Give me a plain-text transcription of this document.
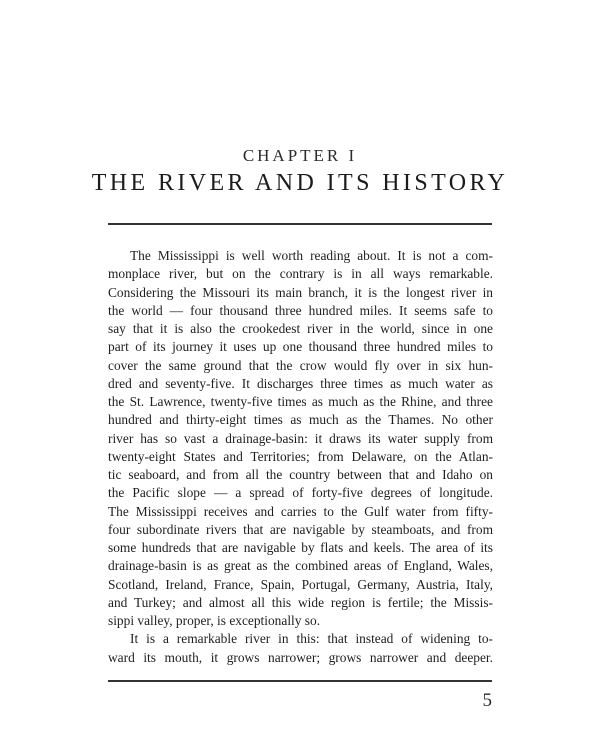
CHAPTER I
THE RIVER AND ITS HISTORY
The Mississippi is well worth reading about. It is not a com-
monplace river, but on the contrary is in all ways remarkable.
Considering the Missouri its main branch, it is the longest river in
the world — four thousand three hundred miles. It seems safe to
say that it is also the crookedest river in the world, since in one
part of its journey it uses up one thousand three hundred miles to
cover the same ground that the crow would fly over in six hun-
dred and seventy-five. It discharges three times as much water as
the St. Lawrence, twenty-five times as much as the Rhine, and three
hundred and thirty-eight times as much as the Thames. No other
river has so vast a drainage-basin: it draws its water supply from
twenty-eight States and Territories; from Delaware, on the Atlan-
tic seaboard, and from all the country between that and Idaho on
the Pacific slope — a spread of forty-five degrees of longitude.
The Mississippi receives and carries to the Gulf water from fifty-
four subordinate rivers that are navigable by steamboats, and from
some hundreds that are navigable by flats and keels. The area of its
drainage-basin is as great as the combined areas of England, Wales,
Scotland, Ireland, France, Spain, Portugal, Germany, Austria, Italy,
and Turkey; and almost all this wide region is fertile; the Missis-
sippi valley, proper, is exceptionally so.
It is a remarkable river in this: that instead of widening to-
ward its mouth, it grows narrower; grows narrower and deeper.
5
